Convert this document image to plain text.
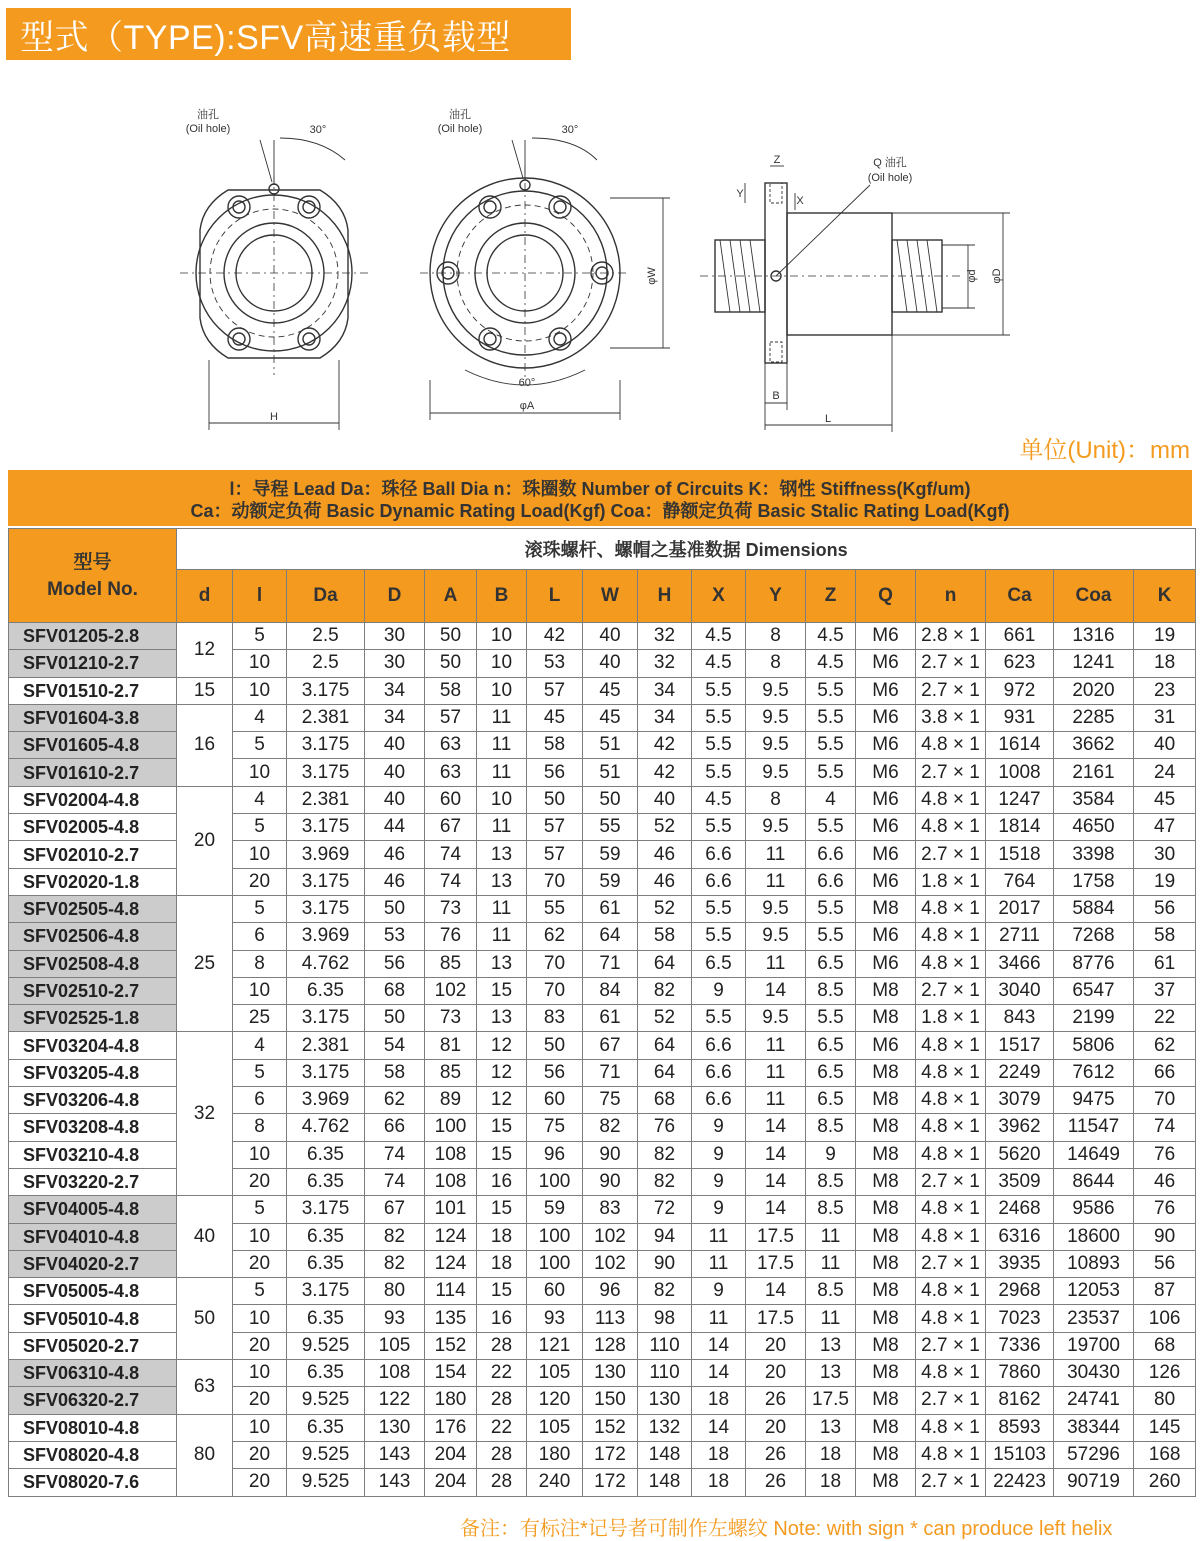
型式（TYPE):SFV高速重负载型
油孔
(Oil hole)	30°
H
油孔
(Oil hole)	30°
60°
φA
φW
Z
Y
X
Q 油孔
(Oil hole)
φd φD
B
L
单位(Unit)：mm
l：导程 Lead Da：珠径 Ball Dia n：珠圈数 Number of Circuits K：钢性 Stiffness(Kgf/um)
Ca：动额定负荷 Basic Dynamic Rating Load(Kgf) Coa：静额定负荷 Basic Stalic Rating Load(Kgf)
型号
Model No.	滚珠螺杆、螺帽之基准数据 Dimensions																
	d	l	Da	D	A	B	L	W	H	X	Y	Z	Q	n	Ca	Coa	K
SFV01205-2.8	12	5	2.5	30	50	10	42	40	32	4.5	8	4.5	M6	2.8 × 1	661	1316	19
SFV01210-2.7		10	2.5	30	50	10	53	40	32	4.5	8	4.5	M6	2.7 × 1	623	1241	18
SFV01510-2.7	15	10	3.175	34	58	10	57	45	34	5.5	9.5	5.5	M6	2.7 × 1	972	2020	23
SFV01604-3.8	16	4	2.381	34	57	11	45	45	34	5.5	9.5	5.5	M6	3.8 × 1	931	2285	31
SFV01605-4.8		5	3.175	40	63	11	58	51	42	5.5	9.5	5.5	M6	4.8 × 1	1614	3662	40
SFV01610-2.7		10	3.175	40	63	11	56	51	42	5.5	9.5	5.5	M6	2.7 × 1	1008	2161	24
SFV02004-4.8	20	4	2.381	40	60	10	50	50	40	4.5	8	4	M6	4.8 × 1	1247	3584	45
SFV02005-4.8		5	3.175	44	67	11	57	55	52	5.5	9.5	5.5	M6	4.8 × 1	1814	4650	47
SFV02010-2.7		10	3.969	46	74	13	57	59	46	6.6	11	6.6	M6	2.7 × 1	1518	3398	30
SFV02020-1.8		20	3.175	46	74	13	70	59	46	6.6	11	6.6	M6	1.8 × 1	764	1758	19
SFV02505-4.8	25	5	3.175	50	73	11	55	61	52	5.5	9.5	5.5	M8	4.8 × 1	2017	5884	56
SFV02506-4.8		6	3.969	53	76	11	62	64	58	5.5	9.5	5.5	M6	4.8 × 1	2711	7268	58
SFV02508-4.8		8	4.762	56	85	13	70	71	64	6.5	11	6.5	M6	4.8 × 1	3466	8776	61
SFV02510-2.7		10	6.35	68	102	15	70	84	82	9	14	8.5	M8	2.7 × 1	3040	6547	37
SFV02525-1.8		25	3.175	50	73	13	83	61	52	5.5	9.5	5.5	M8	1.8 × 1	843	2199	22
SFV03204-4.8	32	4	2.381	54	81	12	50	67	64	6.6	11	6.5	M6	4.8 × 1	1517	5806	62
SFV03205-4.8		5	3.175	58	85	12	56	71	64	6.6	11	6.5	M8	4.8 × 1	2249	7612	66
SFV03206-4.8		6	3.969	62	89	12	60	75	68	6.6	11	6.5	M8	4.8 × 1	3079	9475	70
SFV03208-4.8		8	4.762	66	100	15	75	82	76	9	14	8.5	M8	4.8 × 1	3962	11547	74
SFV03210-4.8		10	6.35	74	108	15	96	90	82	9	14	9	M8	4.8 × 1	5620	14649	76
SFV03220-2.7		20	6.35	74	108	16	100	90	82	9	14	8.5	M8	2.7 × 1	3509	8644	46
SFV04005-4.8	40	5	3.175	67	101	15	59	83	72	9	14	8.5	M8	4.8 × 1	2468	9586	76
SFV04010-4.8		10	6.35	82	124	18	100	102	94	11	17.5	11	M8	4.8 × 1	6316	18600	90
SFV04020-2.7		20	6.35	82	124	18	100	102	90	11	17.5	11	M8	2.7 × 1	3935	10893	56
SFV05005-4.8	50	5	3.175	80	114	15	60	96	82	9	14	8.5	M8	4.8 × 1	2968	12053	87
SFV05010-4.8		10	6.35	93	135	16	93	113	98	11	17.5	11	M8	4.8 × 1	7023	23537	106
SFV05020-2.7		20	9.525	105	152	28	121	128	110	14	20	13	M8	2.7 × 1	7336	19700	68
SFV06310-4.8	63	10	6.35	108	154	22	105	130	110	14	20	13	M8	4.8 × 1	7860	30430	126
SFV06320-2.7		20	9.525	122	180	28	120	150	130	18	26	17.5	M8	2.7 × 1	8162	24741	80
SFV08010-4.8	80	10	6.35	130	176	22	105	152	132	14	20	13	M8	4.8 × 1	8593	38344	145
SFV08020-4.8		20	9.525	143	204	28	180	172	148	18	26	18	M8	4.8 × 1	15103	57296	168
SFV08020-7.6		20	9.525	143	204	28	240	172	148	18	26	18	M8	2.7 × 1	22423	90719	260
备注：有标注*记号者可制作左螺纹 Note: with sign * can produce left helix
